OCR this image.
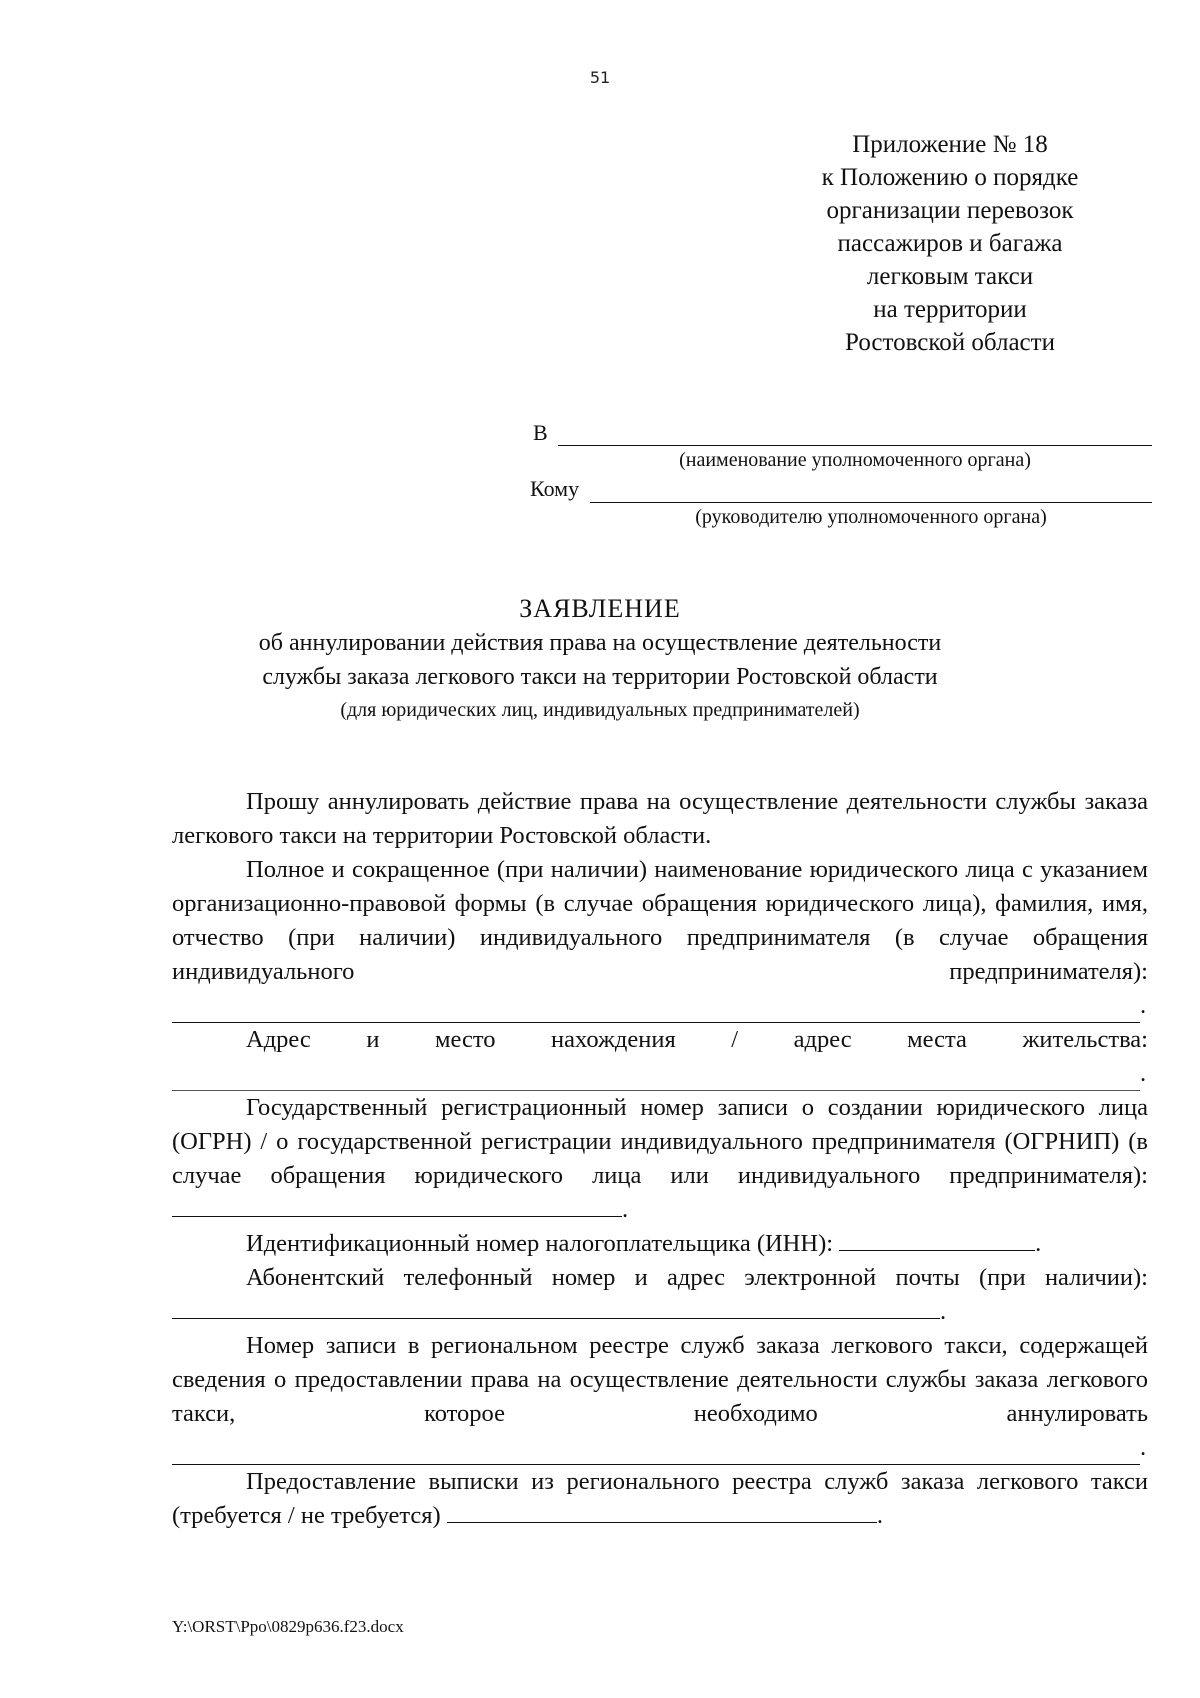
51
Приложение № 18
к Положению о порядке
организации перевозок
пассажиров и багажа
легковым такси
на территории
Ростовской области
В
(наименование уполномоченного органа)
Кому
(руководителю уполномоченного органа)
ЗАЯВЛЕНИЕ
об аннулировании действия права на осуществление деятельности
службы заказа легкового такси на территории Ростовской области
(для юридических лиц, индивидуальных предпринимателей)
Прошу аннулировать действие права на осуществление деятельности службы заказа легкового такси на территории Ростовской области.
Полное и сокращенное (при наличии) наименование юридического лица с указанием организационно-правовой формы (в случае обращения юридического лица), фамилия, имя, отчество (при наличии) индивидуального предпринимателя (в случае обращения индивидуального предпринимателя):
.
Адрес и место нахождения / адрес места жительства:
.
Государственный регистрационный номер записи о создании юридического лица (ОГРН) / о государственной регистрации индивидуального предпринимателя (ОГРНИП) (в случае обращения юридического лица или индивидуального предпринимателя): .
Идентификационный номер налогоплательщика (ИНН):	.
Абонентский телефонный номер и адрес электронной почты (при наличии): .
Номер записи в региональном реестре служб заказа легкового такси, содержащей сведения о предоставлении права на осуществление деятельности службы заказа легкового такси, которое необходимо аннулировать
.
Предоставление выписки из регионального реестра служб заказа легкового такси (требуется / не требуется)	.
Y:\ORST\Ppo\0829p636.f23.docx
